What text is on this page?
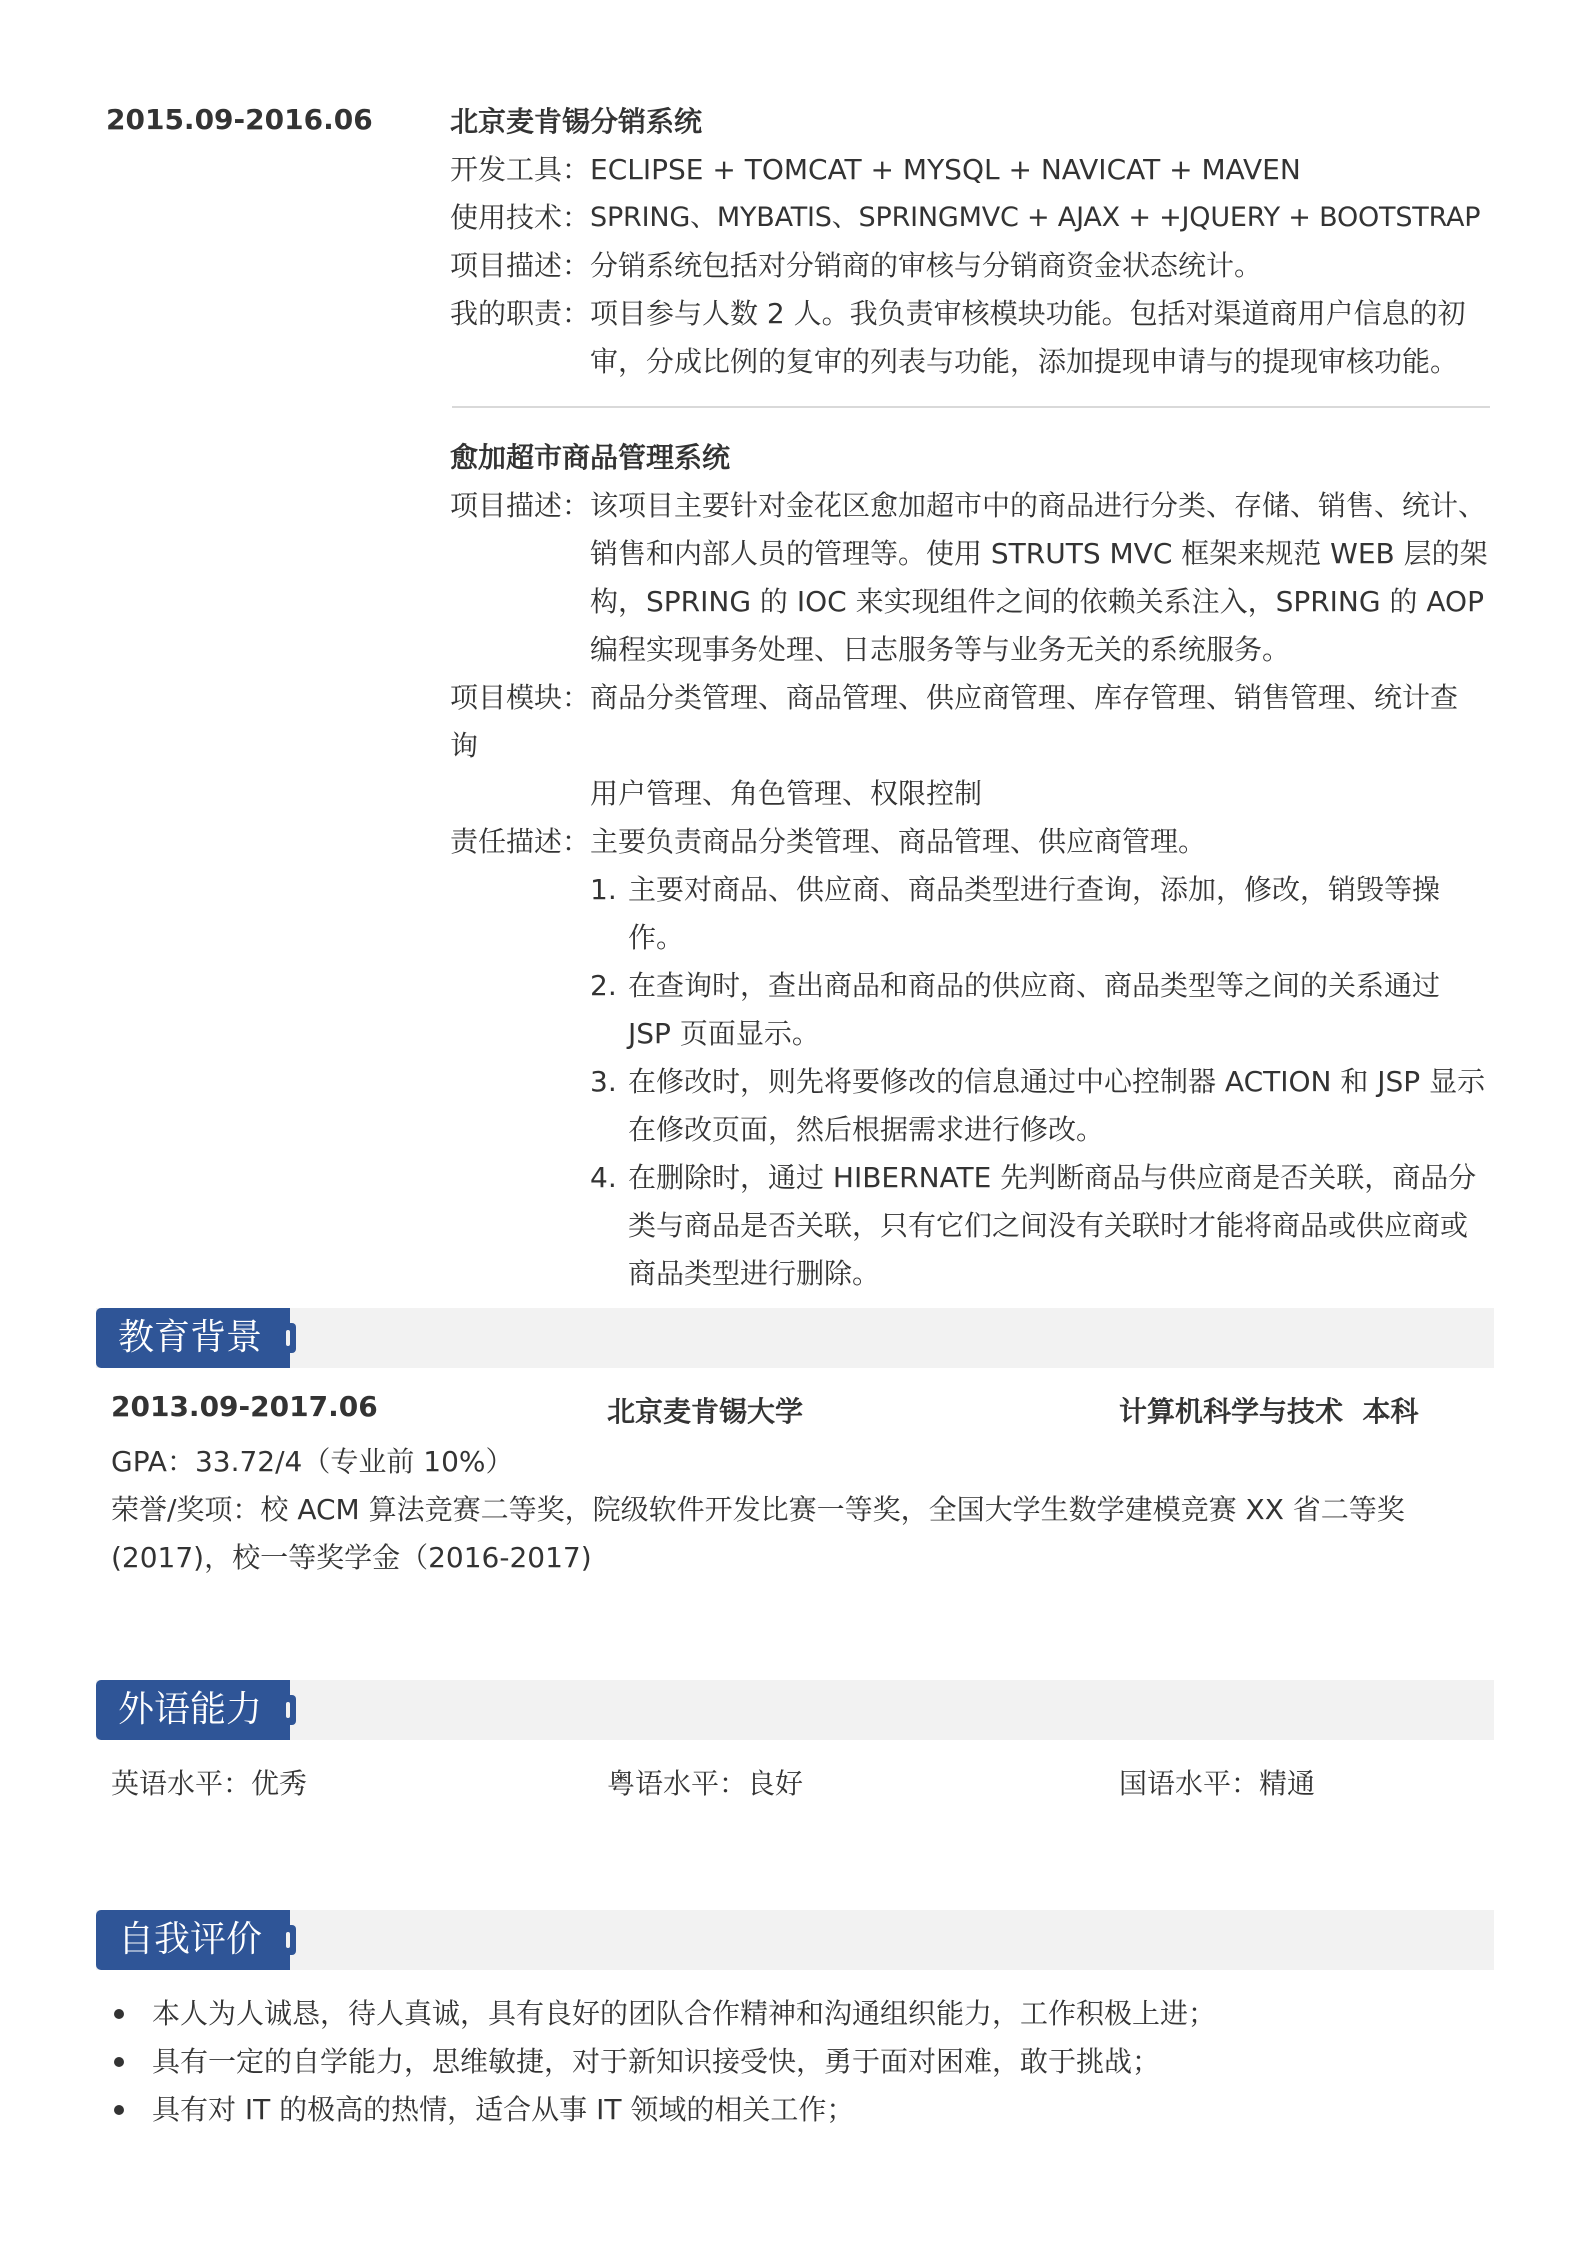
2015.09-2016.06	北京麦肯锡分销系统
开发工具： ECLIPSE + TOMCAT + MYSQL + NAVICAT + MAVEN
使用技术： SPRING、MYBATIS、SPRINGMVC + AJAX + +JQUERY + BOOTSTRAP
项目描述： 分销系统包括对分销商的审核与分销商资金状态统计。
我的职责： 项目参与人数 2 人。我负责审核模块功能。包括对渠道商用户信息的初审，分成比例的复审的列表与功能，添加提现申请与的提现审核功能。
愈加超市商品管理系统
项目描述： 该项目主要针对金花区愈加超市中的商品进行分类、存储、销售、统计、销售和内部人员的管理等。使用 STRUTS MVC 框架来规范 WEB 层的架构，SPRING 的 IOC 来实现组件之间的依赖关系注入，SPRING 的 AOP 编程实现事务处理、日志服务等与业务无关的系统服务。
项目模块：商品分类管理、商品管理、供应商管理、库存管理、销售管理、统计查
询
用户管理、角色管理、权限控制
责任描述： 主要负责商品分类管理、商品管理、供应商管理。
1. 主要对商品、供应商、商品类型进行查询，添加，修改，销毁等操作。
2. 在查询时，查出商品和商品的供应商、商品类型等之间的关系通过 JSP 页面显示。
3. 在修改时，则先将要修改的信息通过中心控制器 ACTION 和 JSP 显示在修改页面，然后根据需求进行修改。
4. 在删除时，通过 HIBERNATE 先判断商品与供应商是否关联，商品分类与商品是否关联，只有它们之间没有关联时才能将商品或供应商或商品类型进行删除。
教育背景
2013.09-2017.06	北京麦肯锡大学	计算机科学与技术  本科
GPA：33.72/4（专业前 10%）
荣誉/奖项：校 ACM 算法竞赛二等奖，院级软件开发比赛一等奖，全国大学生数学建模竞赛 XX 省二等奖(2017)，校一等奖学金（2016-2017)
外语能力
英语水平：优秀	粤语水平：良好	国语水平：精通
自我评价
本人为人诚恳，待人真诚，具有良好的团队合作精神和沟通组织能力，工作积极上进；
具有一定的自学能力，思维敏捷，对于新知识接受快，勇于面对困难，敢于挑战；
具有对 IT 的极高的热情，适合从事 IT 领域的相关工作；
